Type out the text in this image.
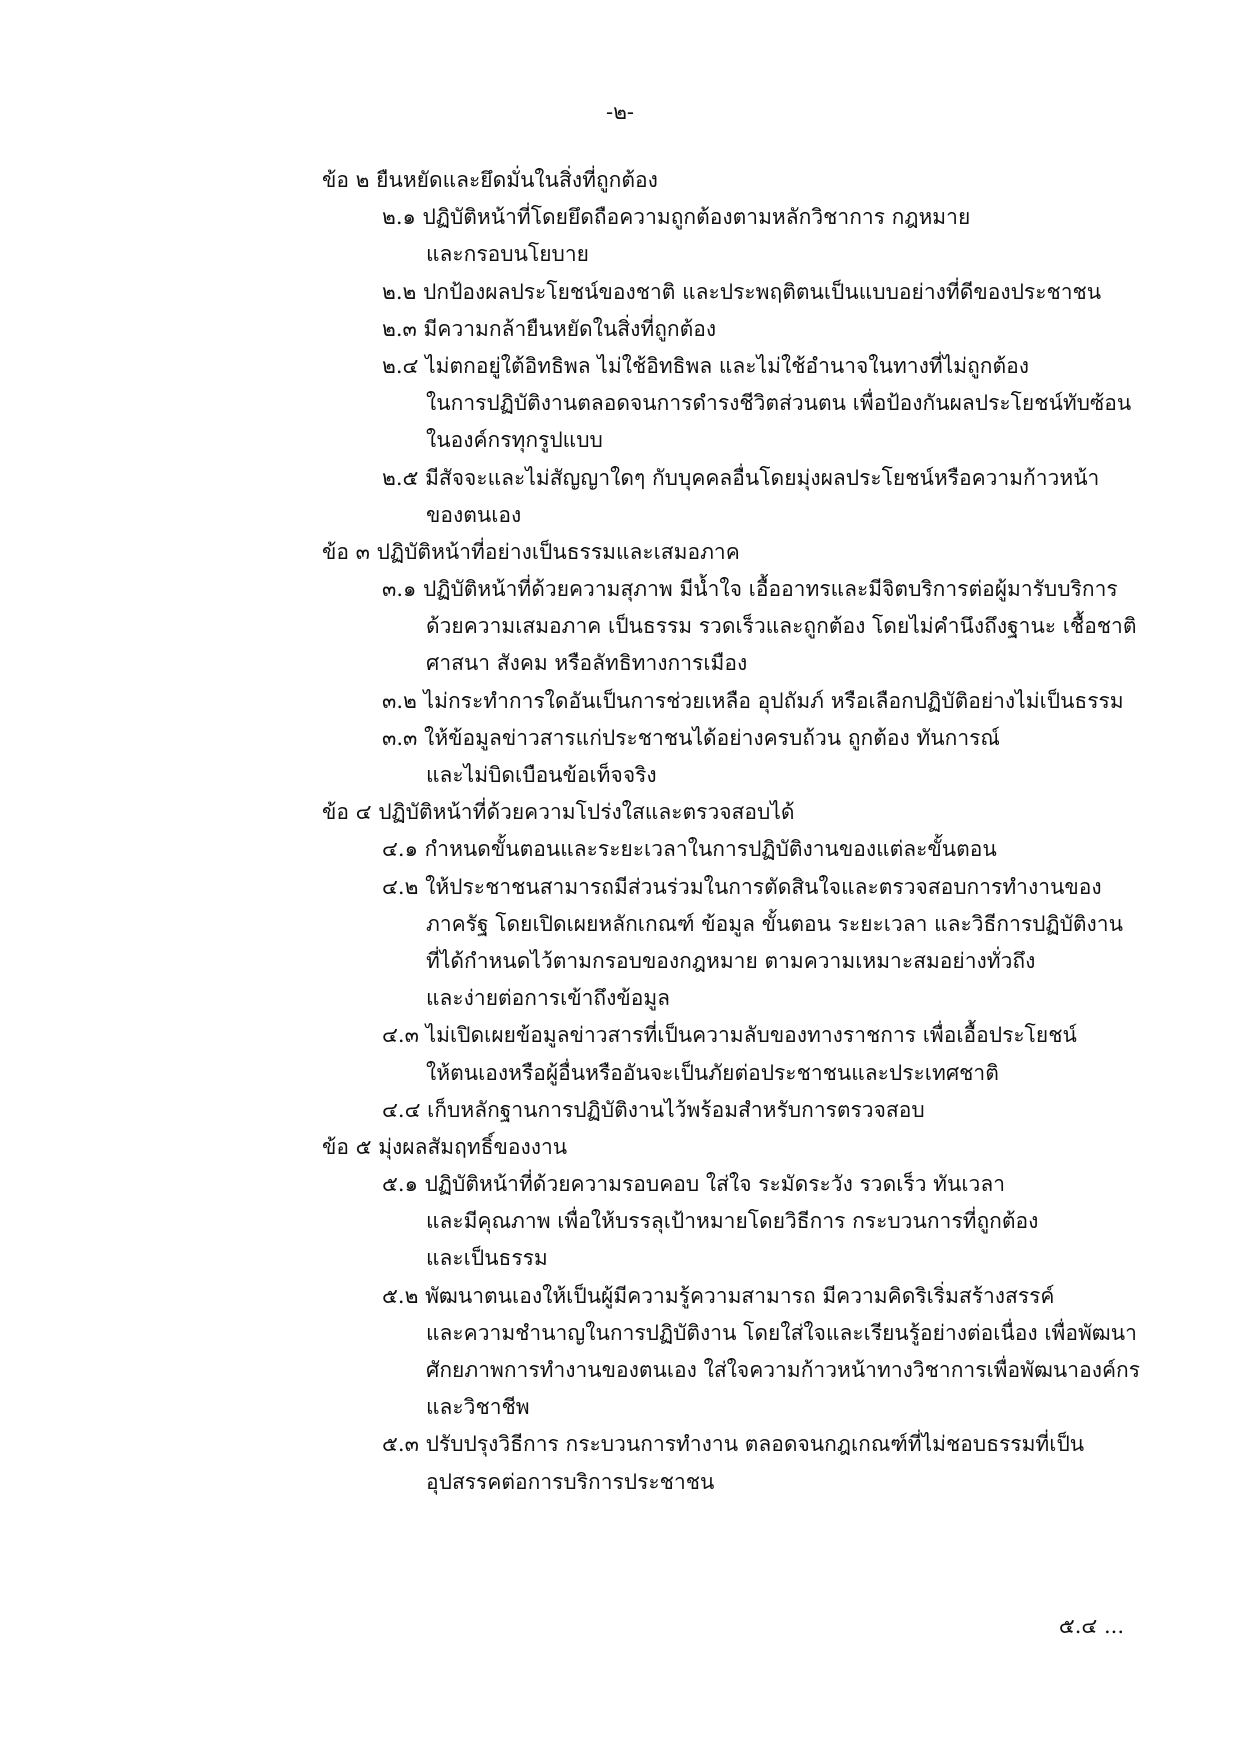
-๒-
ข้อ ๒ ยืนหยัดและยึดมั่นในสิ่งที่ถูกต้อง
๒.๑ ปฏิบัติหน้าที่โดยยึดถือความถูกต้องตามหลักวิชาการ กฎหมาย
และกรอบนโยบาย
๒.๒ ปกป้องผลประโยชน์ของชาติ และประพฤติตนเป็นแบบอย่างที่ดีของประชาชน
๒.๓ มีความกล้ายืนหยัดในสิ่งที่ถูกต้อง
๒.๔ ไม่ตกอยู่ใต้อิทธิพล ไม่ใช้อิทธิพล และไม่ใช้อำนาจในทางที่ไม่ถูกต้อง
ในการปฏิบัติงานตลอดจนการดำรงชีวิตส่วนตน เพื่อป้องกันผลประโยชน์ทับซ้อน
ในองค์กรทุกรูปแบบ
๒.๕ มีสัจจะและไม่สัญญาใดๆ กับบุคคลอื่นโดยมุ่งผลประโยชน์หรือความก้าวหน้า
ของตนเอง
ข้อ ๓ ปฏิบัติหน้าที่อย่างเป็นธรรมและเสมอภาค
๓.๑ ปฏิบัติหน้าที่ด้วยความสุภาพ มีน้ำใจ เอื้ออาทรและมีจิตบริการต่อผู้มารับบริการ
ด้วยความเสมอภาค เป็นธรรม รวดเร็วและถูกต้อง โดยไม่คำนึงถึงฐานะ เชื้อชาติ
ศาสนา สังคม หรือลัทธิทางการเมือง
๓.๒ ไม่กระทำการใดอันเป็นการช่วยเหลือ อุปถัมภ์ หรือเลือกปฏิบัติอย่างไม่เป็นธรรม
๓.๓ ให้ข้อมูลข่าวสารแก่ประชาชนได้อย่างครบถ้วน ถูกต้อง ทันการณ์
และไม่บิดเบือนข้อเท็จจริง
ข้อ ๔ ปฏิบัติหน้าที่ด้วยความโปร่งใสและตรวจสอบได้
๔.๑ กำหนดขั้นตอนและระยะเวลาในการปฏิบัติงานของแต่ละขั้นตอน
๔.๒ ให้ประชาชนสามารถมีส่วนร่วมในการตัดสินใจและตรวจสอบการทำงานของ
ภาครัฐ โดยเปิดเผยหลักเกณฑ์ ข้อมูล ขั้นตอน ระยะเวลา และวิธีการปฏิบัติงาน
ที่ได้กำหนดไว้ตามกรอบของกฎหมาย ตามความเหมาะสมอย่างทั่วถึง
และง่ายต่อการเข้าถึงข้อมูล
๔.๓ ไม่เปิดเผยข้อมูลข่าวสารที่เป็นความลับของทางราชการ เพื่อเอื้อประโยชน์
ให้ตนเองหรือผู้อื่นหรืออันจะเป็นภัยต่อประชาชนและประเทศชาติ
๔.๔ เก็บหลักฐานการปฏิบัติงานไว้พร้อมสำหรับการตรวจสอบ
ข้อ ๕ มุ่งผลสัมฤทธิ์ของงาน
๕.๑ ปฏิบัติหน้าที่ด้วยความรอบคอบ ใส่ใจ ระมัดระวัง รวดเร็ว ทันเวลา
และมีคุณภาพ เพื่อให้บรรลุเป้าหมายโดยวิธีการ กระบวนการที่ถูกต้อง
และเป็นธรรม
๕.๒ พัฒนาตนเองให้เป็นผู้มีความรู้ความสามารถ มีความคิดริเริ่มสร้างสรรค์
และความชำนาญในการปฏิบัติงาน โดยใส่ใจและเรียนรู้อย่างต่อเนื่อง เพื่อพัฒนา
ศักยภาพการทำงานของตนเอง ใส่ใจความก้าวหน้าทางวิชาการเพื่อพัฒนาองค์กร
และวิชาชีพ
๕.๓ ปรับปรุงวิธีการ กระบวนการทำงาน ตลอดจนกฎเกณฑ์ที่ไม่ชอบธรรมที่เป็น
อุปสรรคต่อการบริการประชาชน
๕.๔ ...
